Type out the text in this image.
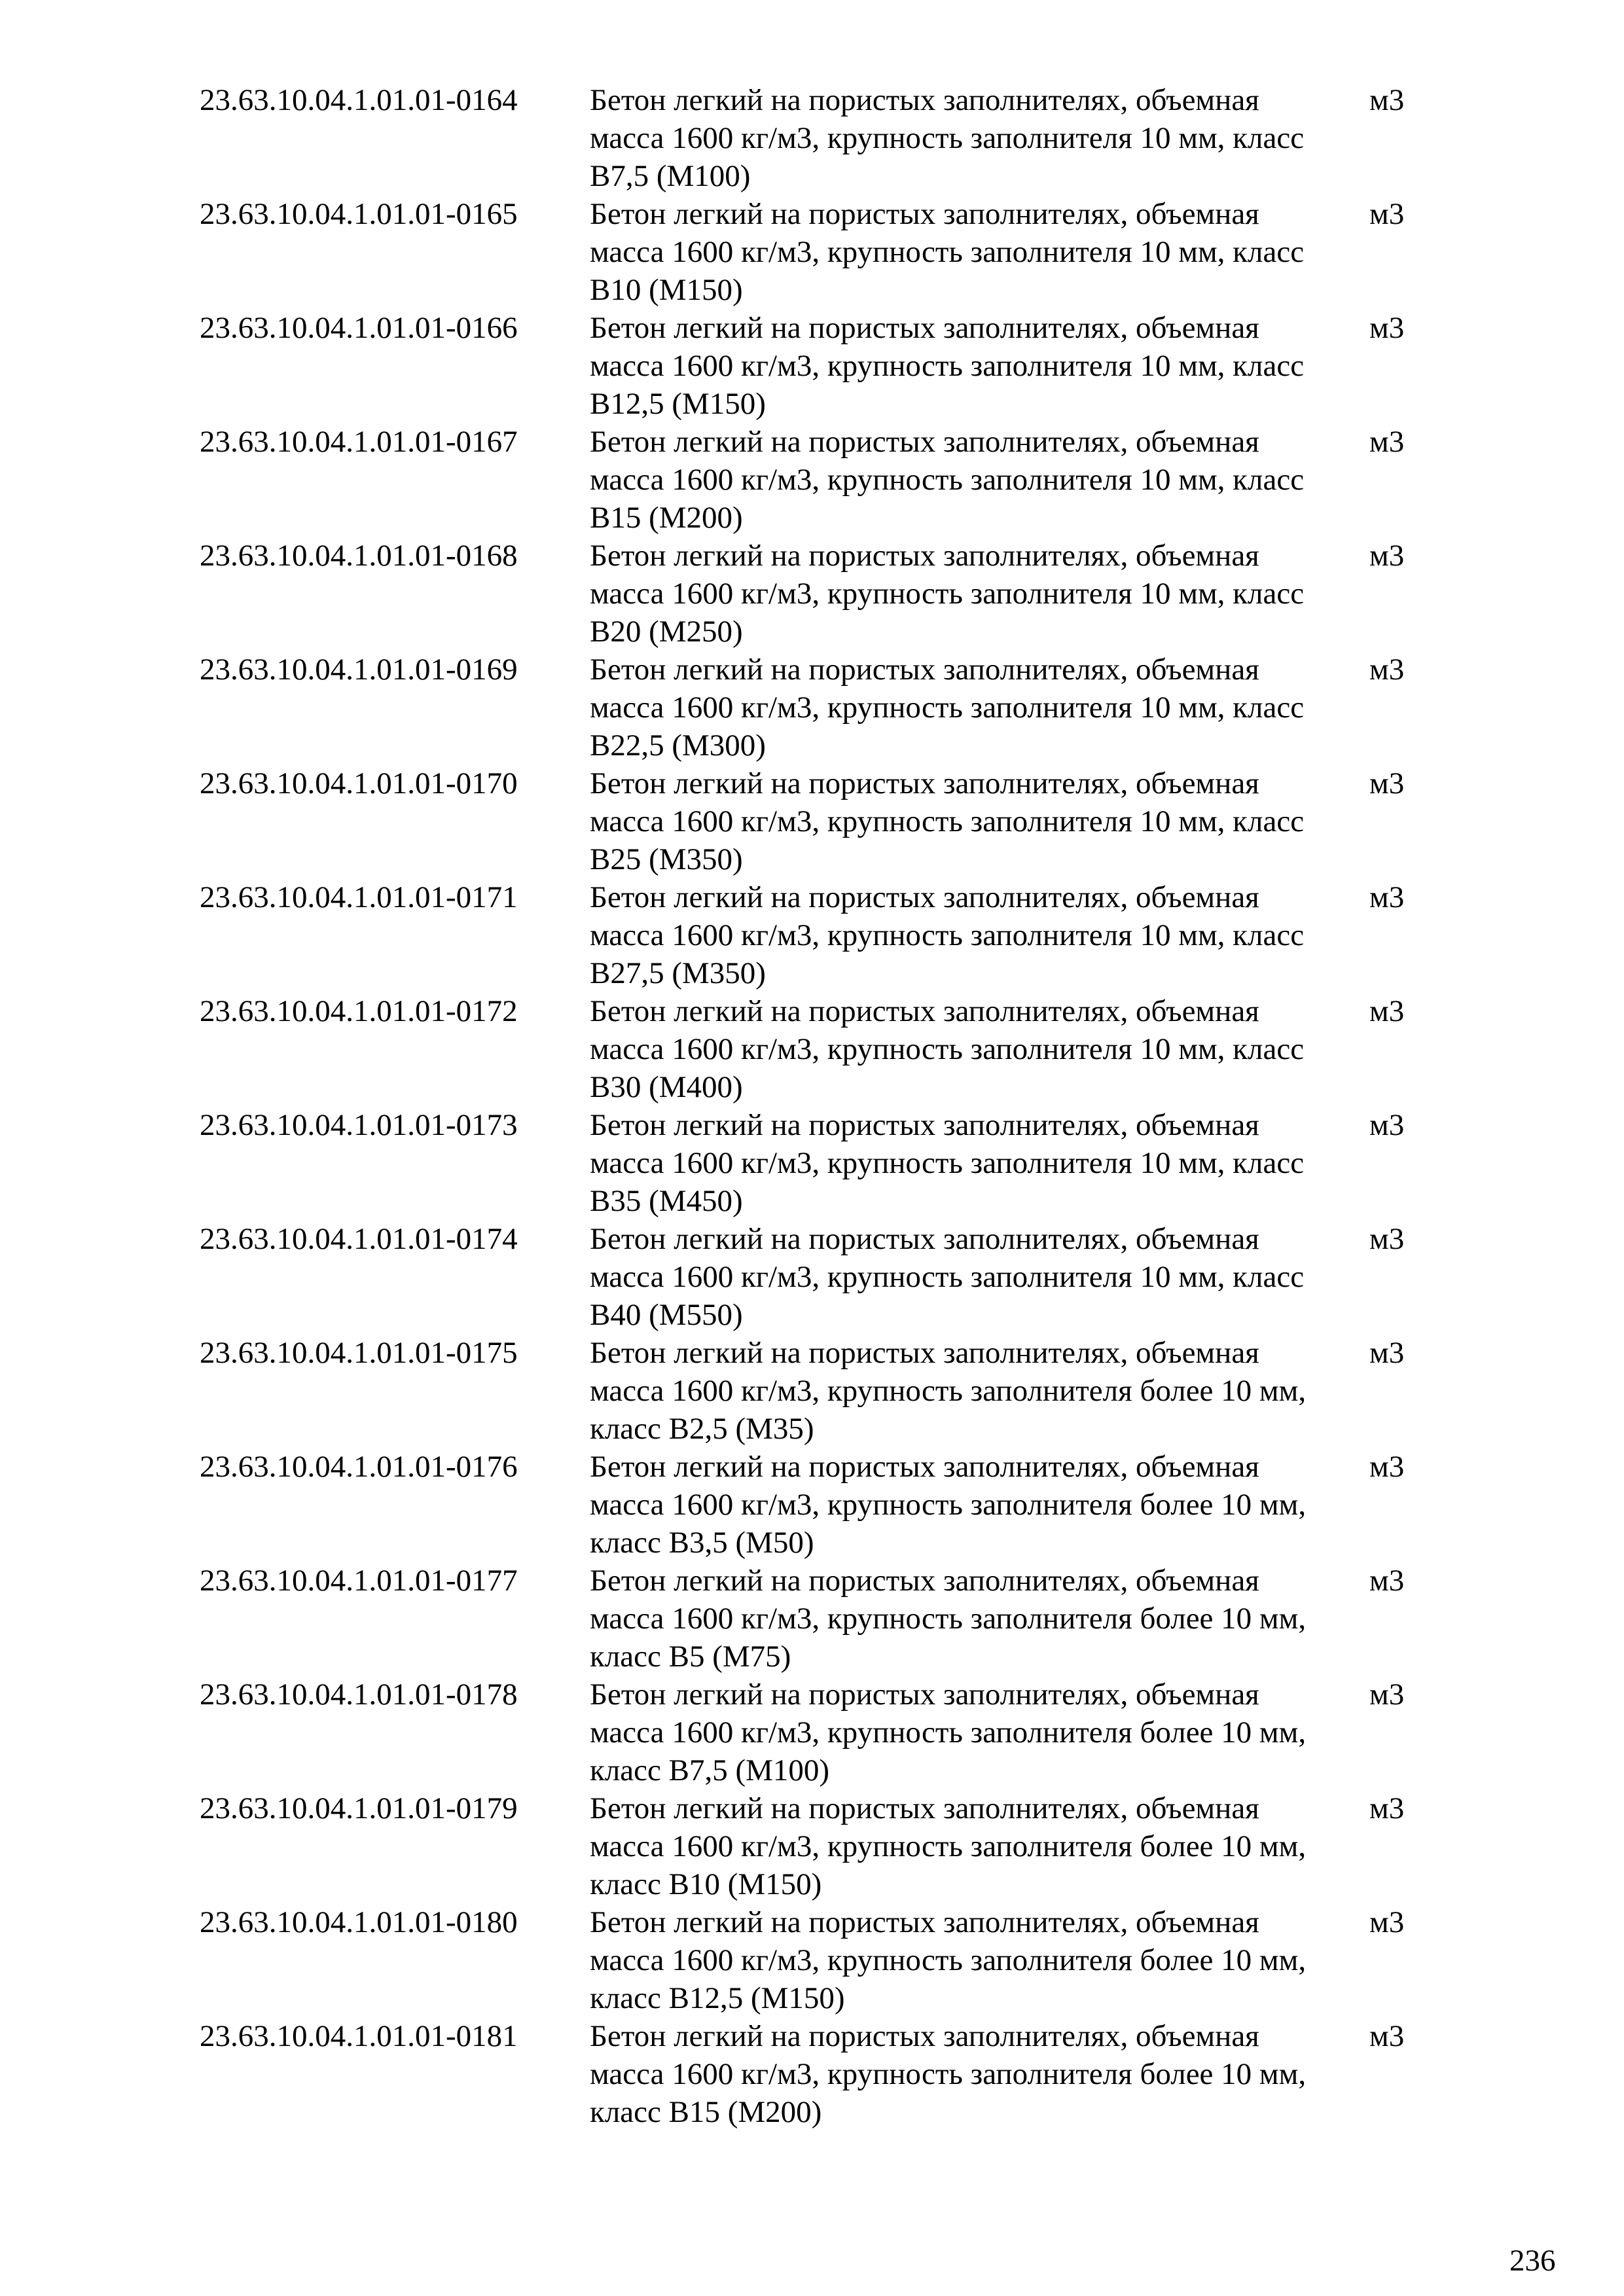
23.63.10.04.1.01.01-0164 Бетон легкий на пористых заполнителях, объемная
масса 1600 кг/м3, крупность заполнителя 10 мм, класс
В7,5 (М100)
м3
23.63.10.04.1.01.01-0165 Бетон легкий на пористых заполнителях, объемная
масса 1600 кг/м3, крупность заполнителя 10 мм, класс
В10 (М150)
м3
23.63.10.04.1.01.01-0166 Бетон легкий на пористых заполнителях, объемная
масса 1600 кг/м3, крупность заполнителя 10 мм, класс
В12,5 (М150)
м3
23.63.10.04.1.01.01-0167 Бетон легкий на пористых заполнителях, объемная
масса 1600 кг/м3, крупность заполнителя 10 мм, класс
В15 (М200)
м3
23.63.10.04.1.01.01-0168 Бетон легкий на пористых заполнителях, объемная
масса 1600 кг/м3, крупность заполнителя 10 мм, класс
В20 (М250)
м3
23.63.10.04.1.01.01-0169 Бетон легкий на пористых заполнителях, объемная
масса 1600 кг/м3, крупность заполнителя 10 мм, класс
В22,5 (М300)
м3
23.63.10.04.1.01.01-0170 Бетон легкий на пористых заполнителях, объемная
масса 1600 кг/м3, крупность заполнителя 10 мм, класс
В25 (М350)
м3
23.63.10.04.1.01.01-0171 Бетон легкий на пористых заполнителях, объемная
масса 1600 кг/м3, крупность заполнителя 10 мм, класс
В27,5 (М350)
м3
23.63.10.04.1.01.01-0172 Бетон легкий на пористых заполнителях, объемная
масса 1600 кг/м3, крупность заполнителя 10 мм, класс
В30 (М400)
м3
23.63.10.04.1.01.01-0173 Бетон легкий на пористых заполнителях, объемная
масса 1600 кг/м3, крупность заполнителя 10 мм, класс
В35 (М450)
м3
23.63.10.04.1.01.01-0174 Бетон легкий на пористых заполнителях, объемная
масса 1600 кг/м3, крупность заполнителя 10 мм, класс
В40 (М550)
м3
23.63.10.04.1.01.01-0175 Бетон легкий на пористых заполнителях, объемная
масса 1600 кг/м3, крупность заполнителя более 10 мм,
класс В2,5 (М35)
м3
23.63.10.04.1.01.01-0176 Бетон легкий на пористых заполнителях, объемная
масса 1600 кг/м3, крупность заполнителя более 10 мм,
класс В3,5 (М50)
м3
23.63.10.04.1.01.01-0177 Бетон легкий на пористых заполнителях, объемная
масса 1600 кг/м3, крупность заполнителя более 10 мм,
класс В5 (М75)
м3
23.63.10.04.1.01.01-0178 Бетон легкий на пористых заполнителях, объемная
масса 1600 кг/м3, крупность заполнителя более 10 мм,
класс В7,5 (М100)
м3
23.63.10.04.1.01.01-0179 Бетон легкий на пористых заполнителях, объемная
масса 1600 кг/м3, крупность заполнителя более 10 мм,
класс В10 (М150)
м3
23.63.10.04.1.01.01-0180 Бетон легкий на пористых заполнителях, объемная
масса 1600 кг/м3, крупность заполнителя более 10 мм,
класс В12,5 (М150)
м3
23.63.10.04.1.01.01-0181 Бетон легкий на пористых заполнителях, объемная
масса 1600 кг/м3, крупность заполнителя более 10 мм,
класс В15 (М200)
м3
236
